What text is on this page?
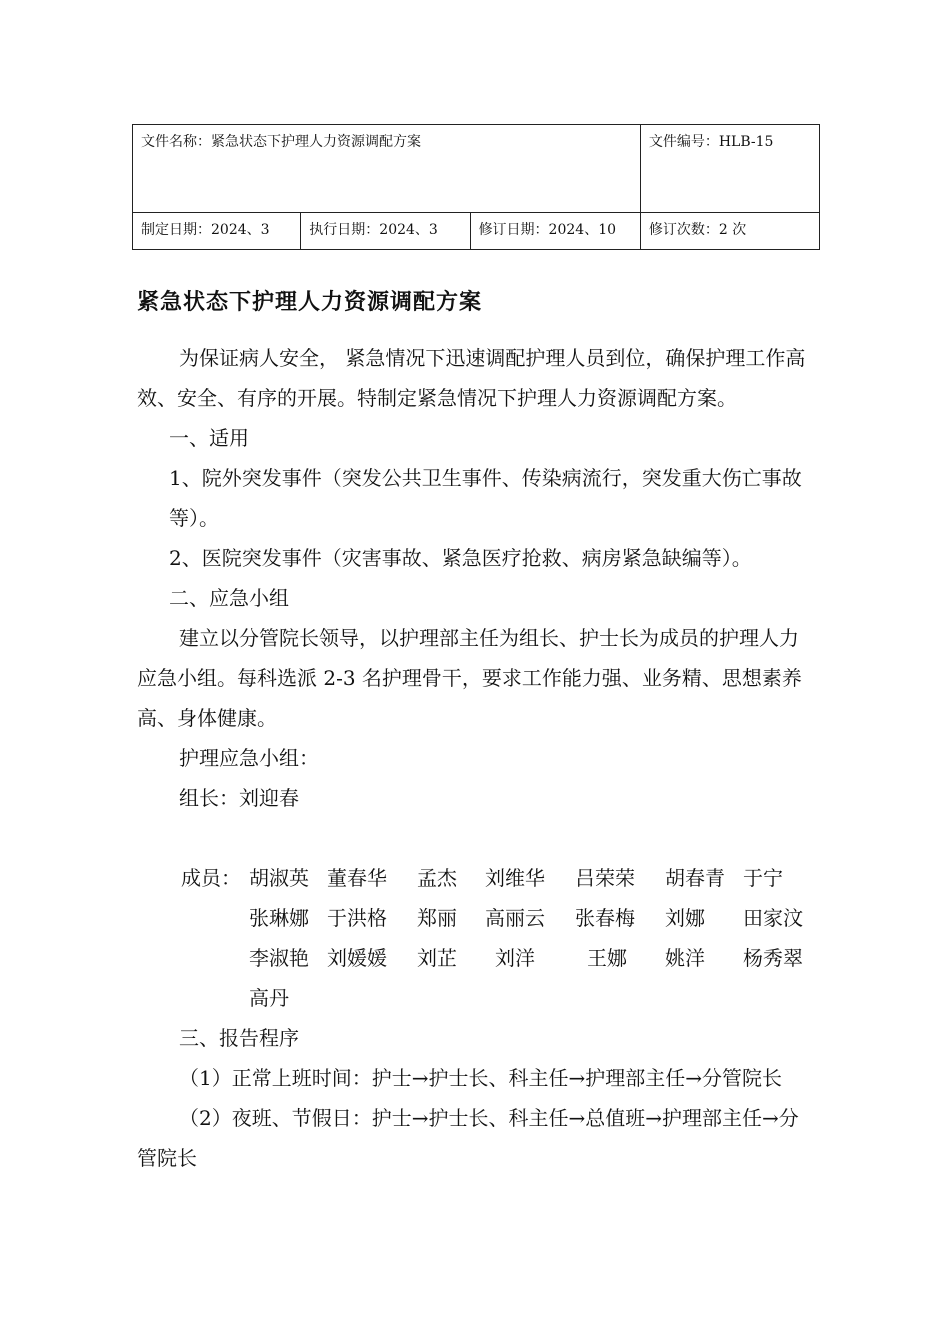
文件名称：紧急状态下护理人力资源调配方案			文件编号：HLB-15
制定日期：2024、3	执行日期：2024、3	修订日期：2024、10	修订次数：2 次
紧急状态下护理人力资源调配方案

为保证病人安全， 紧急情况下迅速调配护理人员到位，确保护理工作高效、安全、有序的开展。特制定紧急情况下护理人力资源调配方案。

一、适用

1、院外突发事件（突发公共卫生事件、传染病流行，突发重大伤亡事故等）。

2、医院突发事件（灾害事故、紧急医疗抢救、病房紧急缺编等）。

二、应急小组

建立以分管院长领导，以护理部主任为组长、护士长为成员的护理人力应急小组。每科选派 2-3 名护理骨干，要求工作能力强、业务精、思想素养高、身体健康。

护理应急小组：

组长：刘迎春

成员： 胡淑英 董春华	孟杰	刘维华	吕荣荣	胡春青 于宁
张琳娜 于洪格	郑丽	高丽云	张春梅	刘娜	田家汶
李淑艳 刘媛媛	刘芷	刘洋	王娜	姚洋	杨秀翠
高丹

三、报告程序

（1）正常上班时间：护士→护士长、科主任→护理部主任→分管院长

（2）夜班、节假日：护士→护士长、科主任→总值班→护理部主任→分管院长
